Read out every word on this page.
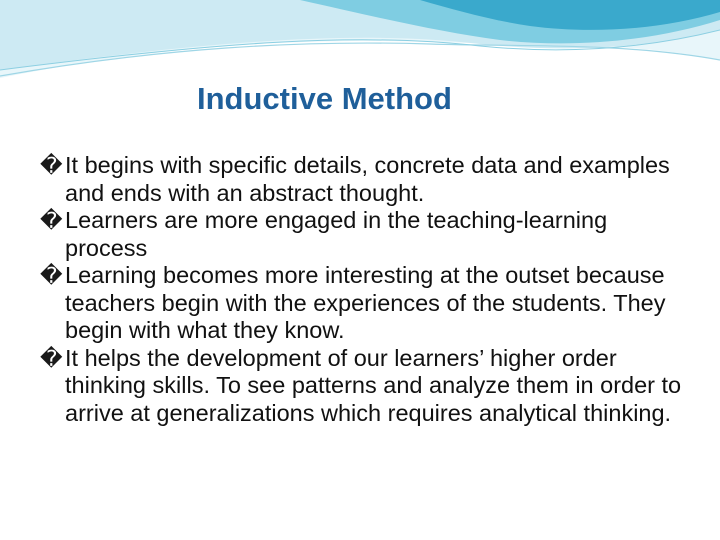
Inductive Method
� It begins with specific details, concrete data and examples and ends with an abstract thought.
� Learners are more engaged in the teaching-learning process
� Learning becomes more interesting at the outset because teachers begin with the experiences of the students. They begin with what they know.
� It helps the development of our learners’ higher order thinking skills. To see patterns and analyze them in order to arrive at generalizations which requires analytical thinking.
